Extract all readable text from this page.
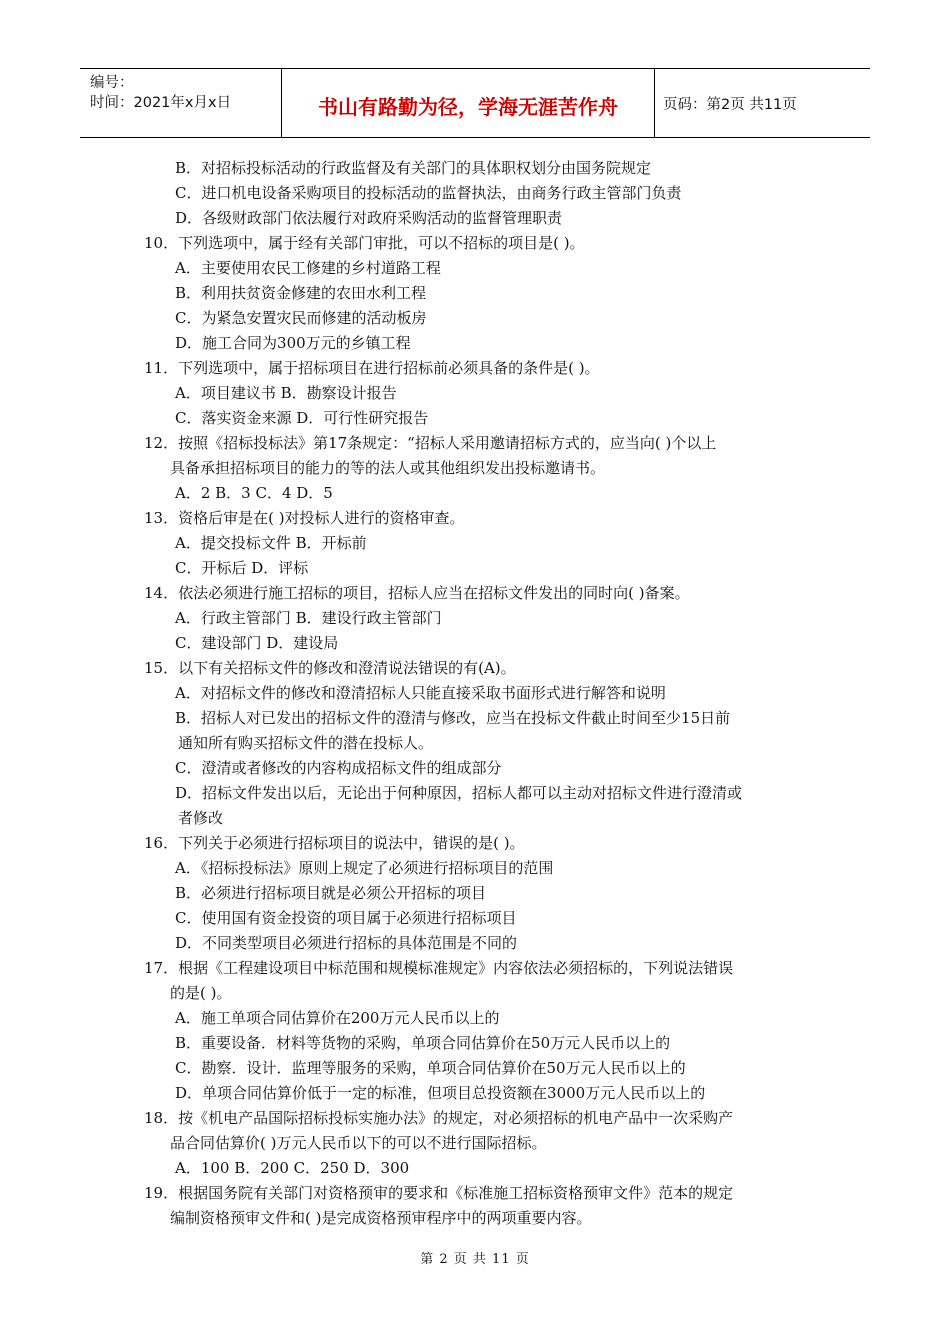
编号：
时间：2021年x月x日	书山有路勤为径，学海无涯苦作舟	页码：第2页 共11页
B．对招标投标活动的行政监督及有关部门的具体职权划分由国务院规定
C．进口机电设备采购项目的投标活动的监督执法，由商务行政主管部门负责
D．各级财政部门依法履行对政府采购活动的监督管理职责
10．下列选项中，属于经有关部门审批，可以不招标的项目是( )。
A．主要使用农民工修建的乡村道路工程
B．利用扶贫资金修建的农田水利工程
C．为紧急安置灾民而修建的活动板房
D．施工合同为300万元的乡镇工程
11．下列选项中，属于招标项目在进行招标前必须具备的条件是( )。
A．项目建议书 B．勘察设计报告
C．落实资金来源 D．可行性研究报告
12．按照《招标投标法》第17条规定：“招标人采用邀请招标方式的，应当向( )个以上
具备承担招标项目的能力的等的法人或其他组织发出投标邀请书。
A．2 B．3 C．4 D．5
13．资格后审是在( )对投标人进行的资格审查。
A．提交投标文件 B．开标前
C．开标后 D．评标
14．依法必须进行施工招标的项目，招标人应当在招标文件发出的同时向( )备案。
A．行政主管部门 B．建设行政主管部门
C．建设部门 D．建设局
15．以下有关招标文件的修改和澄清说法错误的有(A)。
A．对招标文件的修改和澄清招标人只能直接采取书面形式进行解答和说明
B．招标人对已发出的招标文件的澄清与修改，应当在投标文件截止时间至少15日前
通知所有购买招标文件的潜在投标人。
C．澄清或者修改的内容构成招标文件的组成部分
D．招标文件发出以后，无论出于何种原因，招标人都可以主动对招标文件进行澄清或
者修改
16．下列关于必须进行招标项目的说法中，错误的是( )。
A．《招标投标法》原则上规定了必须进行招标项目的范围
B．必须进行招标项目就是必须公开招标的项目
C．使用国有资金投资的项目属于必须进行招标项目
D．不同类型项目必须进行招标的具体范围是不同的
17．根据《工程建设项目中标范围和规模标准规定》内容依法必须招标的，下列说法错误
的是( )。
A．施工单项合同估算价在200万元人民币以上的
B．重要设备．材料等货物的采购，单项合同估算价在50万元人民币以上的
C．勘察．设计．监理等服务的采购，单项合同估算价在50万元人民币以上的
D．单项合同估算价低于一定的标准，但项目总投资额在3000万元人民币以上的
18．按《机电产品国际招标投标实施办法》的规定，对必须招标的机电产品中一次采购产
品合同估算价( )万元人民币以下的可以不进行国际招标。
A．100 B．200 C．250 D．300
19．根据国务院有关部门对资格预审的要求和《标准施工招标资格预审文件》范本的规定
编制资格预审文件和( )是完成资格预审程序中的两项重要内容。
第 2 页 共 11 页
